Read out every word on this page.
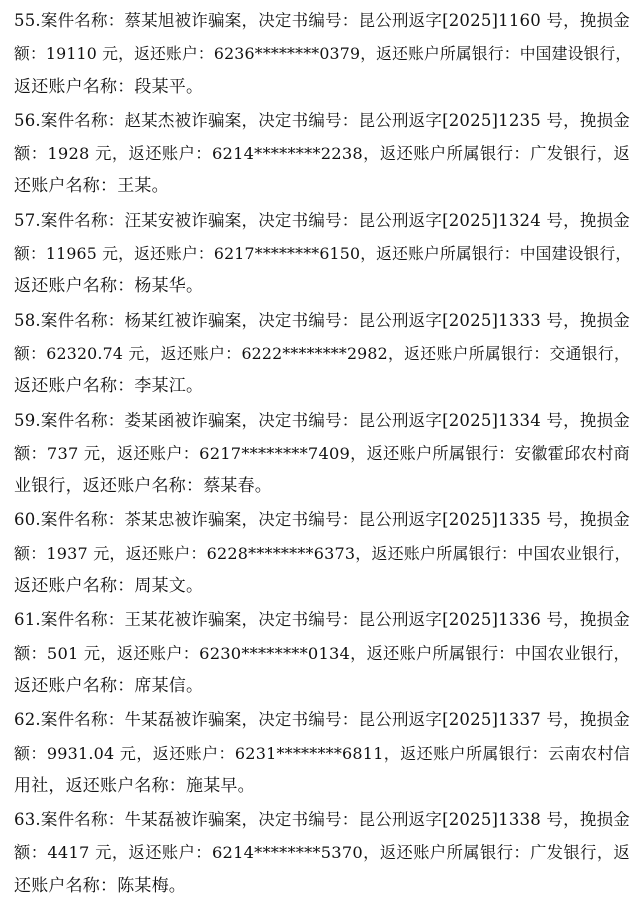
55.案件名称：蔡某旭被诈骗案，决定书编号：昆公刑返字[2025]1160 号，挽损金
额：19110 元，返还账户：6236********0379，返还账户所属银行：中国建设银行，
返还账户名称：段某平。
56.案件名称：赵某杰被诈骗案，决定书编号：昆公刑返字[2025]1235 号，挽损金
额：1928 元，返还账户：6214********2238，返还账户所属银行：广发银行，返
还账户名称：王某。
57.案件名称：汪某安被诈骗案，决定书编号：昆公刑返字[2025]1324 号，挽损金
额：11965 元，返还账户：6217********6150，返还账户所属银行：中国建设银行，
返还账户名称：杨某华。
58.案件名称：杨某红被诈骗案，决定书编号：昆公刑返字[2025]1333 号，挽损金
额：62320.74 元，返还账户：6222********2982，返还账户所属银行：交通银行，
返还账户名称：李某江。
59.案件名称：娄某函被诈骗案，决定书编号：昆公刑返字[2025]1334 号，挽损金
额：737 元，返还账户：6217********7409，返还账户所属银行：安徽霍邱农村商
业银行，返还账户名称：蔡某春。
60.案件名称：茶某忠被诈骗案，决定书编号：昆公刑返字[2025]1335 号，挽损金
额：1937 元，返还账户：6228********6373，返还账户所属银行：中国农业银行，
返还账户名称：周某文。
61.案件名称：王某花被诈骗案，决定书编号：昆公刑返字[2025]1336 号，挽损金
额：501 元，返还账户：6230********0134，返还账户所属银行：中国农业银行，
返还账户名称：席某信。
62.案件名称：牛某磊被诈骗案，决定书编号：昆公刑返字[2025]1337 号，挽损金
额：9931.04 元，返还账户：6231********6811，返还账户所属银行：云南农村信
用社，返还账户名称：施某早。
63.案件名称：牛某磊被诈骗案，决定书编号：昆公刑返字[2025]1338 号，挽损金
额：4417 元，返还账户：6214********5370，返还账户所属银行：广发银行，返
还账户名称：陈某梅。
